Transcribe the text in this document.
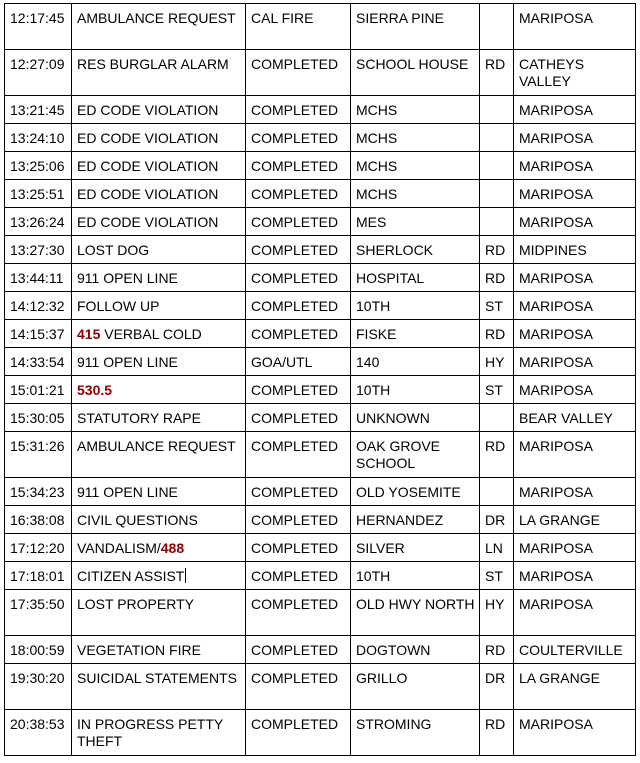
12:17:45	AMBULANCE REQUEST	CAL FIRE	SIERRA PINE		MARIPOSA
12:27:09	RES BURGLAR ALARM	COMPLETED	SCHOOL HOUSE	RD	CATHEYS VALLEY
13:21:45	ED CODE VIOLATION	COMPLETED	MCHS		MARIPOSA
13:24:10	ED CODE VIOLATION	COMPLETED	MCHS		MARIPOSA
13:25:06	ED CODE VIOLATION	COMPLETED	MCHS		MARIPOSA
13:25:51	ED CODE VIOLATION	COMPLETED	MCHS		MARIPOSA
13:26:24	ED CODE VIOLATION	COMPLETED	MES		MARIPOSA
13:27:30	LOST DOG	COMPLETED	SHERLOCK	RD	MIDPINES
13:44:11	911 OPEN LINE	COMPLETED	HOSPITAL	RD	MARIPOSA
14:12:32	FOLLOW UP	COMPLETED	10TH	ST	MARIPOSA
14:15:37	415 VERBAL COLD	COMPLETED	FISKE	RD	MARIPOSA
14:33:54	911 OPEN LINE	GOA/UTL	140	HY	MARIPOSA
15:01:21	530.5	COMPLETED	10TH	ST	MARIPOSA
15:30:05	STATUTORY RAPE	COMPLETED	UNKNOWN		BEAR VALLEY
15:31:26	AMBULANCE REQUEST	COMPLETED	OAK GROVE SCHOOL	RD	MARIPOSA
15:34:23	911 OPEN LINE	COMPLETED	OLD YOSEMITE		MARIPOSA
16:38:08	CIVIL QUESTIONS	COMPLETED	HERNANDEZ	DR	LA GRANGE
17:12:20	VANDALISM/488	COMPLETED	SILVER	LN	MARIPOSA
17:18:01	CITIZEN ASSIST	COMPLETED	10TH	ST	MARIPOSA
17:35:50	LOST PROPERTY	COMPLETED	OLD HWY NORTH	HY	MARIPOSA
18:00:59	VEGETATION FIRE	COMPLETED	DOGTOWN	RD	COULTERVILLE
19:30:20	SUICIDAL STATEMENTS	COMPLETED	GRILLO	DR	LA GRANGE
20:38:53	IN PROGRESS PETTY THEFT	COMPLETED	STROMING	RD	MARIPOSA
